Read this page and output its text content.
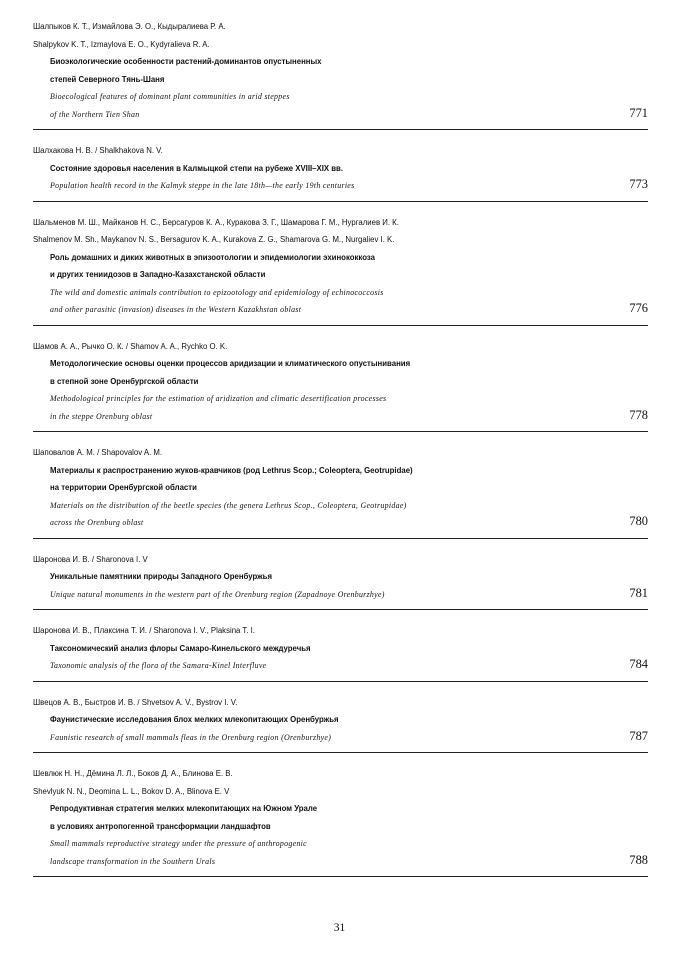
Шалпыков К. Т., Измайлова Э. О., Кыдыралиева Р. А.
Shalpykov K. T., Izmaylova E. O., Kydyralieva R. A.
Биоэкологические особенности растений-доминантов опустыненных
степей Северного Тянь-Шаня
Bioecological features of dominant plant communities in arid steppes
of the Northern Tien Shan	771
Шалхакова Н. В. / Shalkhakova N. V.
Состояние здоровья населения в Калмыцкой степи на рубеже XVIII–XIX вв.
Population health record in the Kalmyk steppe in the late 18th—the early 19th centuries	773
Шальменов М. Ш., Майканов Н. С., Берсагуров К. А., Куракова З. Г., Шамарова Г. М., Нургалиев И. К.
Shalmenov M. Sh., Maykanov N. S., Bersagurov K. A., Kurakova Z. G., Shamarova G. M., Nurgaliev I. K.
Роль домашних и диких животных в эпизоотологии и эпидемиологии эхинококкоза
и других тениидозов в Западно-Казахстанской области
The wild and domestic animals contribution to epizootology and epidemiology of echinococcosis
and other parasitic (invasion) diseases in the Western Kazakhstan oblast	776
Шамов А. А., Рычко О. К. / Shamov A. A., Rychko O. K.
Методологические основы оценки процессов аридизации и климатического опустынивания
в степной зоне Оренбургской области
Methodological principles for the estimation of aridization and climatic desertification processes
in the steppe Orenburg oblast	778
Шаповалов А. М. / Shapovalov A. M.
Материалы к распространению жуков-кравчиков (род Lethrus Scop.; Coleoptera, Geotrupidae)
на территории Оренбургской области
Materials on the distribution of the beetle species (the genera Lethrus Scop., Coleoptera, Geotrupidae)
across the Orenburg oblast	780
Шаронова И. В. / Sharonova I. V
Уникальные памятники природы Западного Оренбуржья
Unique natural monuments in the western part of the Orenburg region (Zapadnoye Orenburzhye)	781
Шаронова И. В., Плаксина Т. И. / Sharonova I. V., Plaksina T. I.
Таксономический анализ флоры Самаро-Кинельского междуречья
Taxonomic analysis of the flora of the Samara-Kinel Interfluve	784
Швецов А. В., Быстров И. В. / Shvetsov A. V., Bystrov I. V.
Фаунистические исследования блох мелких млекопитающих Оренбуржья
Faunistic research of small mammals fleas in the Orenburg region (Orenburzhye)	787
Шевлюк Н. Н., Дёмина Л. Л., Боков Д. А., Блинова Е. В.
Shevlyuk N. N., Deomina L. L., Bokov D. A., Blinova E. V
Репродуктивная стратегия мелких млекопитающих на Южном Урале
в условиях антропогенной трансформации ландшафтов
Small mammals reproductive strategy under the pressure of anthropogenic
landscape transformation in the Southern Urals	788
31
